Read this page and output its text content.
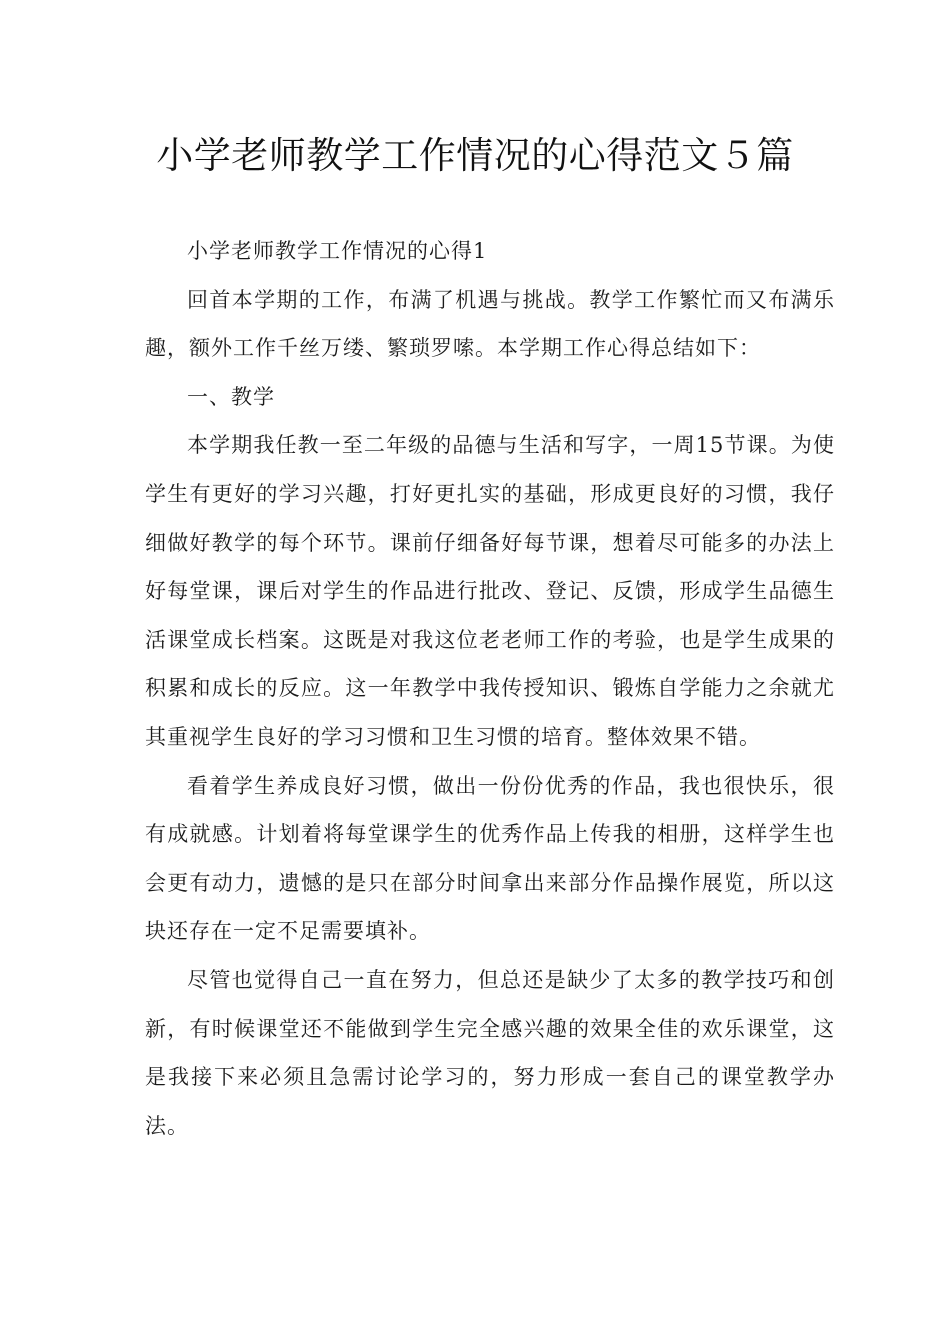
小学老师教学工作情况的心得范文５篇

小学老师教学工作情况的心得1

回首本学期的工作，布满了机遇与挑战。教学工作繁忙而又布满乐趣，额外工作千丝万缕、繁琐罗嗦。本学期工作心得总结如下：

一、教学

本学期我任教一至二年级的品德与生活和写字，一周15节课。为使学生有更好的学习兴趣，打好更扎实的基础，形成更良好的习惯，我仔细做好教学的每个环节。课前仔细备好每节课，想着尽可能多的办法上好每堂课，课后对学生的作品进行批改、登记、反馈，形成学生品德生活课堂成长档案。这既是对我这位老老师工作的考验，也是学生成果的积累和成长的反应。这一年教学中我传授知识、锻炼自学能力之余就尤其重视学生良好的学习习惯和卫生习惯的培育。整体效果不错。

看着学生养成良好习惯，做出一份份优秀的作品，我也很快乐，很有成就感。计划着将每堂课学生的优秀作品上传我的相册，这样学生也会更有动力，遗憾的是只在部分时间拿出来部分作品操作展览，所以这块还存在一定不足需要填补。

尽管也觉得自己一直在努力，但总还是缺少了太多的教学技巧和创新，有时候课堂还不能做到学生完全感兴趣的效果全佳的欢乐课堂，这是我接下来必须且急需讨论学习的，努力形成一套自己的课堂教学办法。
